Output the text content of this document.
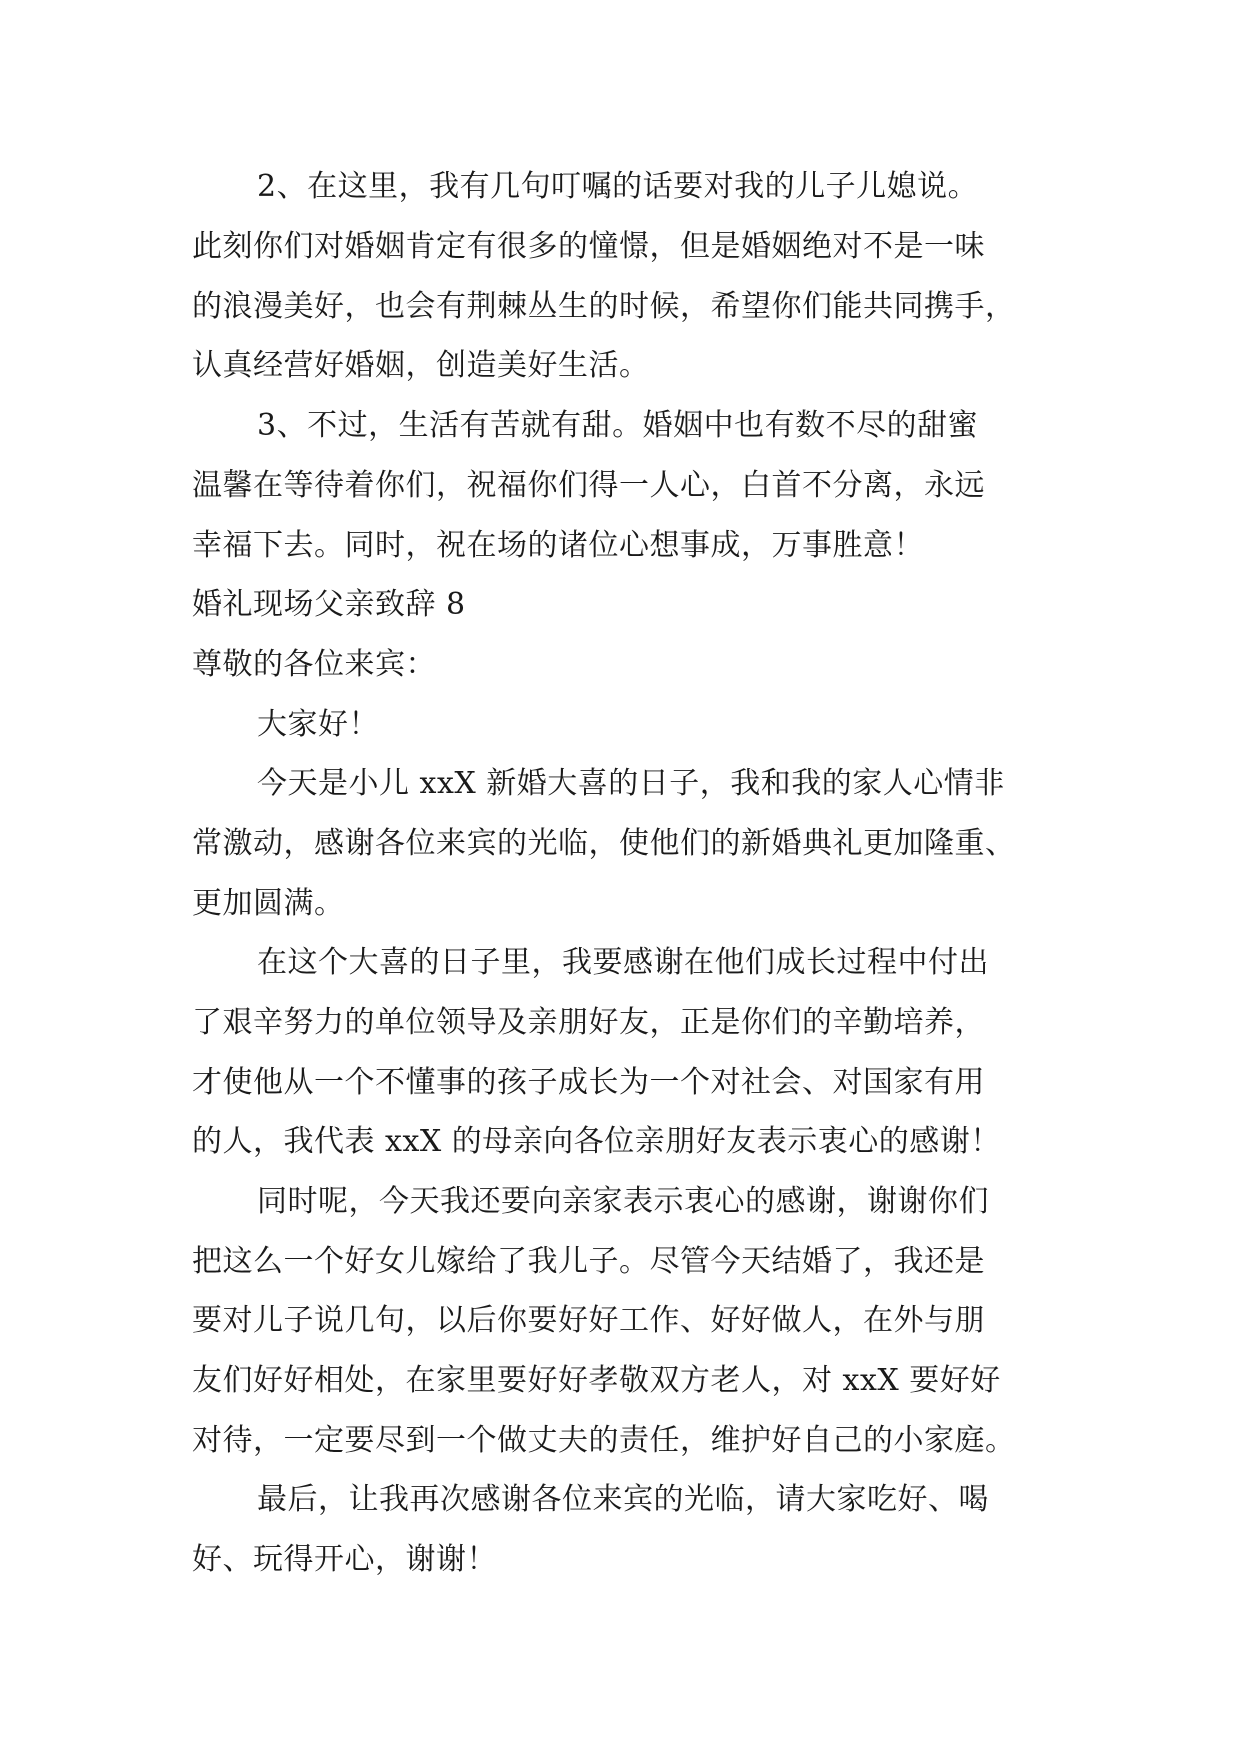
2、在这里，我有几句叮嘱的话要对我的儿子儿媳说。
此刻你们对婚姻肯定有很多的憧憬，但是婚姻绝对不是一味
的浪漫美好，也会有荆棘丛生的时候，希望你们能共同携手，
认真经营好婚姻，创造美好生活。
3、不过，生活有苦就有甜。婚姻中也有数不尽的甜蜜
温馨在等待着你们，祝福你们得一人心，白首不分离，永远
幸福下去。同时，祝在场的诸位心想事成，万事胜意！
婚礼现场父亲致辞 8
尊敬的各位来宾：
大家好！
今天是小儿 xxX 新婚大喜的日子，我和我的家人心情非
常激动，感谢各位来宾的光临，使他们的新婚典礼更加隆重、
更加圆满。
在这个大喜的日子里，我要感谢在他们成长过程中付出
了艰辛努力的单位领导及亲朋好友，正是你们的辛勤培养，
才使他从一个不懂事的孩子成长为一个对社会、对国家有用
的人，我代表 xxX 的母亲向各位亲朋好友表示衷心的感谢！
同时呢，今天我还要向亲家表示衷心的感谢，谢谢你们
把这么一个好女儿嫁给了我儿子。尽管今天结婚了，我还是
要对儿子说几句，以后你要好好工作、好好做人，在外与朋
友们好好相处，在家里要好好孝敬双方老人，对 xxX 要好好
对待，一定要尽到一个做丈夫的责任，维护好自己的小家庭。
最后，让我再次感谢各位来宾的光临，请大家吃好、喝
好、玩得开心，谢谢！
